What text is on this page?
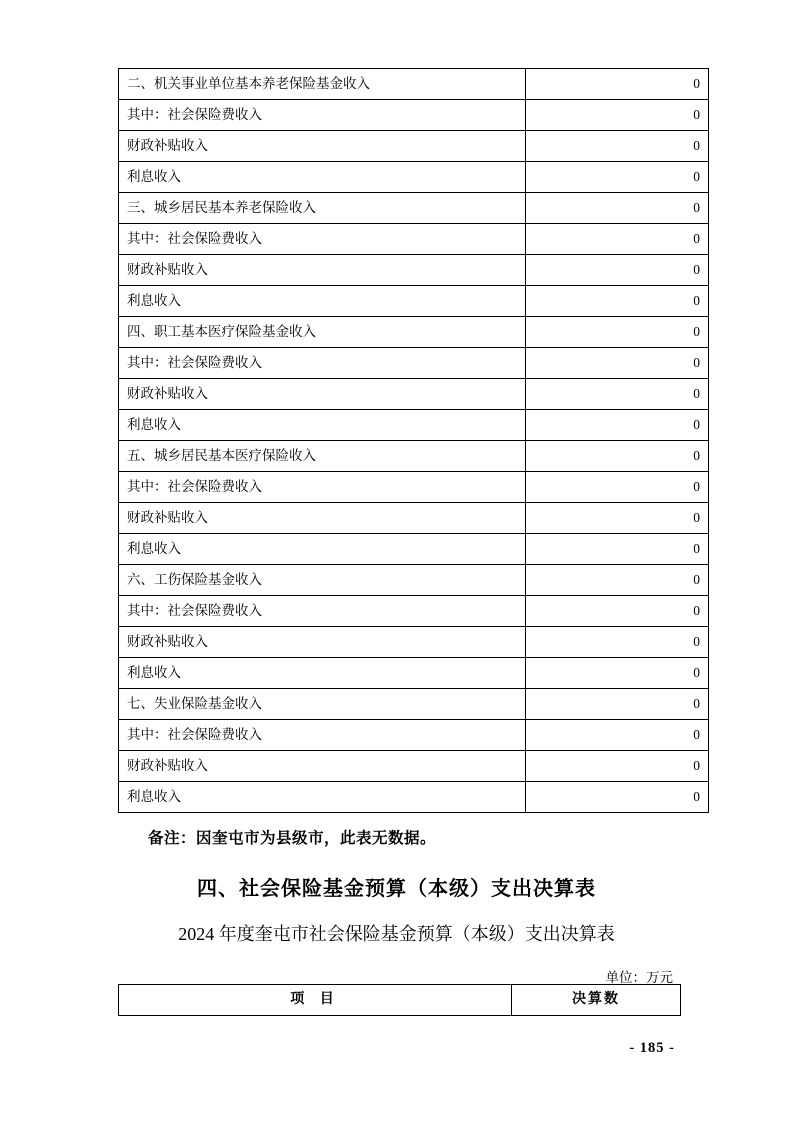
二、机关事业单位基本养老保险基金收入	0
其中：社会保险费收入	0
财政补贴收入	0
利息收入	0
三、城乡居民基本养老保险收入	0
其中：社会保险费收入	0
财政补贴收入	0
利息收入	0
四、职工基本医疗保险基金收入	0
其中：社会保险费收入	0
财政补贴收入	0
利息收入	0
五、城乡居民基本医疗保险收入	0
其中：社会保险费收入	0
财政补贴收入	0
利息收入	0
六、工伤保险基金收入	0
其中：社会保险费收入	0
财政补贴收入	0
利息收入	0
七、失业保险基金收入	0
其中：社会保险费收入	0
财政补贴收入	0
利息收入	0
备注：因奎屯市为县级市，此表无数据。
四、社会保险基金预算（本级）支出决算表
2024 年度奎屯市社会保险基金预算（本级）支出决算表
单位：万元
项 目	决算数
- 185 -
